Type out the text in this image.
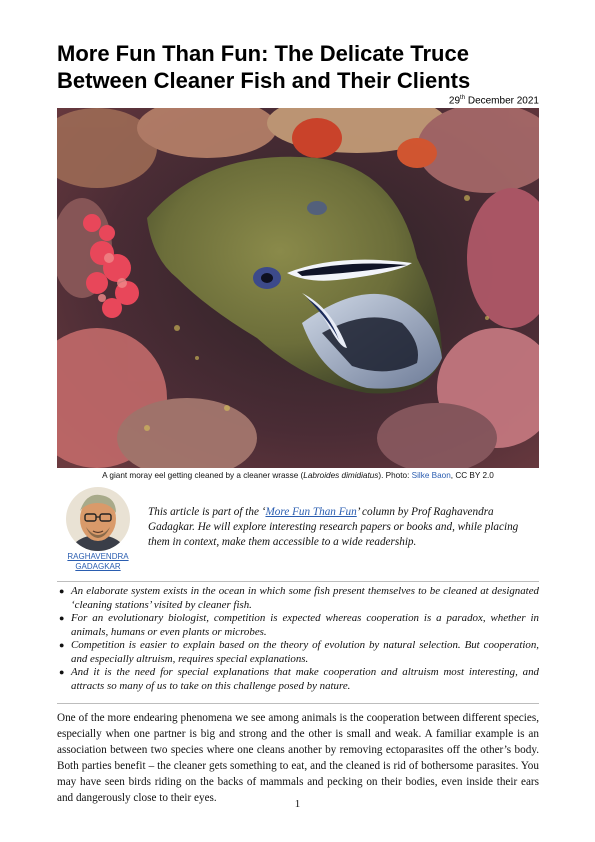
More Fun Than Fun: The Delicate Truce Between Cleaner Fish and Their Clients
29th December 2021
A giant moray eel getting cleaned by a cleaner wrasse (Labroides dimidiatus). Photo: Silke Baon, CC BY 2.0
RAGHAVENDRA
GADAGKAR
This article is part of the ‘More Fun Than Fun’ column by Prof Raghavendra Gadagkar. He will explore interesting research papers or books and, while placing them in context, make them accessible to a wide readership.
● An elaborate system exists in the ocean in which some fish present themselves to be cleaned at designated ‘cleaning stations’ visited by cleaner fish.
● For an evolutionary biologist, competition is expected whereas cooperation is a paradox, whether in animals, humans or even plants or microbes.
● Competition is easier to explain based on the theory of evolution by natural selection. But cooperation, and especially altruism, requires special explanations.
● And it is the need for special explanations that make cooperation and altruism most interesting, and attracts so many of us to take on this challenge posed by nature.

One of the more endearing phenomena we see among animals is the cooperation between different species, especially when one partner is big and strong and the other is small and weak. A familiar example is an association between two species where one cleans another by removing ectoparasites off the other’s body. Both parties benefit – the cleaner gets something to eat, and the cleaned is rid of bothersome parasites. You may have seen birds riding on the backs of mammals and pecking on their bodies, even inside their ears and dangerously close to their eyes.	1
